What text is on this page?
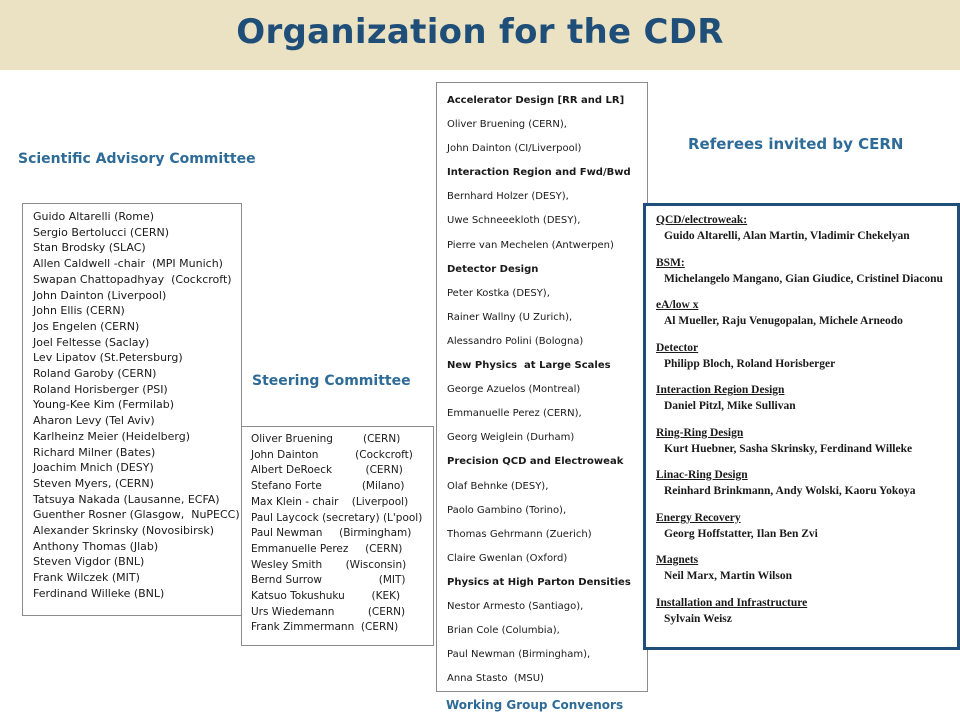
Organization for the CDR
Scientific Advisory Committee
Guido Altarelli (Rome)
Sergio Bertolucci (CERN)
Stan Brodsky (SLAC)
Allen Caldwell -chair  (MPI Munich)
Swapan Chattopadhyay  (Cockcroft)
John Dainton (Liverpool)
John Ellis (CERN)
Jos Engelen (CERN)
Joel Feltesse (Saclay)
Lev Lipatov (St.Petersburg)
Roland Garoby (CERN)
Roland Horisberger (PSI)
Young-Kee Kim (Fermilab)
Aharon Levy (Tel Aviv)
Karlheinz Meier (Heidelberg)
Richard Milner (Bates)
Joachim Mnich (DESY)
Steven Myers, (CERN)
Tatsuya Nakada (Lausanne, ECFA)
Guenther Rosner (Glasgow,  NuPECC)
Alexander Skrinsky (Novosibirsk)
Anthony Thomas (Jlab)
Steven Vigdor (BNL)
Frank Wilczek (MIT)
Ferdinand Willeke (BNL)
Steering Committee
Oliver Bruening         (CERN)
John Dainton           (Cockcroft)
Albert DeRoeck          (CERN)
Stefano Forte            (Milano)
Max Klein - chair    (Liverpool)
Paul Laycock (secretary) (L'pool)
Paul Newman     (Birmingham)
Emmanuelle Perez     (CERN)
Wesley Smith       (Wisconsin)
Bernd Surrow                 (MIT)
Katsuo Tokushuku        (KEK)
Urs Wiedemann          (CERN)
Frank Zimmermann  (CERN)
Accelerator Design [RR and LR]
Oliver Bruening (CERN),
John Dainton (CI/Liverpool)
Interaction Region and Fwd/Bwd
Bernhard Holzer (DESY),
Uwe Schneeekloth (DESY),
Pierre van Mechelen (Antwerpen)
Detector Design
Peter Kostka (DESY),
Rainer Wallny (U Zurich),
Alessandro Polini (Bologna)
New Physics  at Large Scales
George Azuelos (Montreal)
Emmanuelle Perez (CERN),
Georg Weiglein (Durham)
Precision QCD and Electroweak
Olaf Behnke (DESY),
Paolo Gambino (Torino),
Thomas Gehrmann (Zuerich)
Claire Gwenlan (Oxford)
Physics at High Parton Densities
Nestor Armesto (Santiago),
Brian Cole (Columbia),
Paul Newman (Birmingham),
Anna Stasto  (MSU)
Working Group Convenors
Referees invited by CERN
QCD/electroweak:
Guido Altarelli, Alan Martin, Vladimir Chekelyan
BSM:
Michelangelo Mangano, Gian Giudice, Cristinel Diaconu
eA/low x
Al Mueller, Raju Venugopalan, Michele Arneodo
Detector
Philipp Bloch, Roland Horisberger
Interaction Region Design
Daniel Pitzl, Mike Sullivan
Ring-Ring Design
Kurt Huebner, Sasha Skrinsky, Ferdinand Willeke
Linac-Ring Design
Reinhard Brinkmann, Andy Wolski, Kaoru Yokoya
Energy Recovery
Georg Hoffstatter, Ilan Ben Zvi
Magnets
Neil Marx, Martin Wilson
Installation and Infrastructure
Sylvain Weisz
